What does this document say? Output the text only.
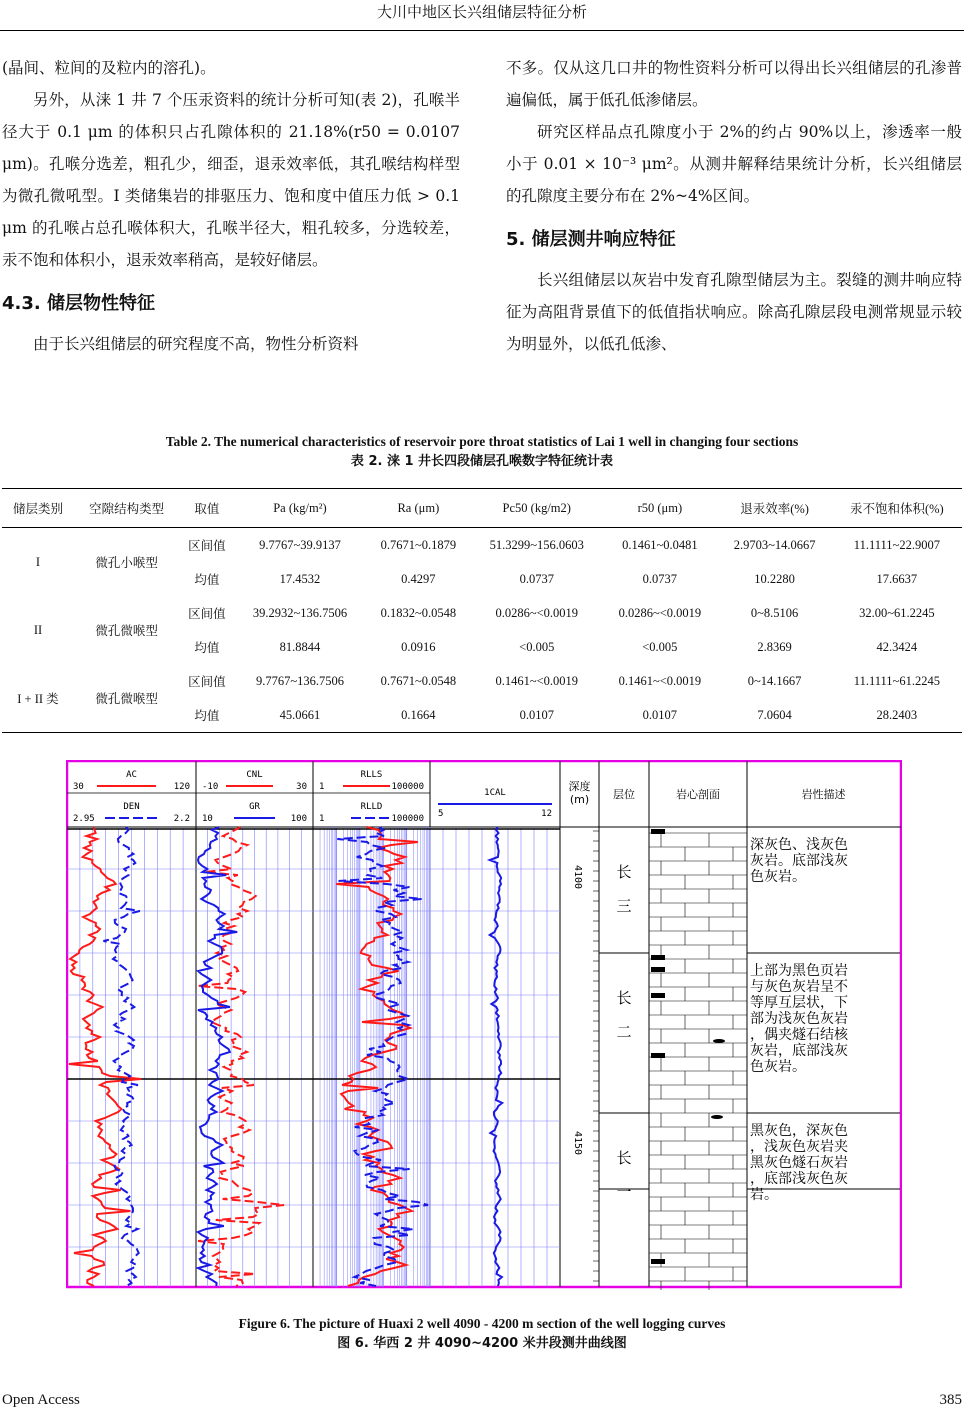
大川中地区长兴组储层特征分析

(晶间、粒间的及粒内的溶孔)。

另外，从涞 1 井 7 个压汞资料的统计分析可知(表 2)，孔喉半径大于 0.1 μm 的体积只占孔隙体积的 21.18%(r50 = 0.0107 μm)。孔喉分选差，粗孔少，细歪，退汞效率低，其孔喉结构样型为微孔微吼型。I 类储集岩的排驱压力、饱和度中值压力低 > 0.1 μm 的孔喉占总孔喉体积大，孔喉半径大，粗孔较多，分选较差，汞不饱和体积小，退汞效率稍高，是较好储层。

4.3. 储层物性特征

由于长兴组储层的研究程度不高，物性分析资料

不多。仅从这几口井的物性资料分析可以得出长兴组储层的孔渗普遍偏低，属于低孔低渗储层。

研究区样品点孔隙度小于 2%的约占 90%以上，渗透率一般小于 0.01 × 10⁻³ μm²。从测井解释结果统计分析，长兴组储层的孔隙度主要分布在 2%~4%区间。

5. 储层测井响应特征

长兴组储层以灰岩中发育孔隙型储层为主。裂缝的测井响应特征为高阻背景值下的低值指状响应。除高孔隙层段电测常规显示较为明显外，以低孔低渗、

Table 2. The numerical characteristics of reservoir pore throat statistics of Lai 1 well in changing four sections
表 2. 涞 1 井长四段储层孔喉数字特征统计表
储层类别	空隙结构类型	取值	Pa (kg/m²)	Ra (μm)	Pc50 (kg/m2)	r50 (μm)	退汞效率(%)	汞不饱和体积(%)
I	微孔小喉型	区间值	9.7767~39.9137	0.7671~0.1879	51.3299~156.0603	0.1461~0.0481	2.9703~14.0667	11.1111~22.9007
		均值	17.4532	0.4297	0.0737	0.0737	10.2280	17.6637
II	微孔微喉型	区间值	39.2932~136.7506	0.1832~0.0548	0.0286~<0.0019	0.0286~<0.0019	0~8.5106	32.00~61.2245
		均值	81.8844	0.0916	<0.005	<0.005	2.8369	42.3424
I + II 类	微孔微喉型	区间值	9.7767~136.7506	0.7671~0.0548	0.1461~<0.0019	0.1461~<0.0019	0~14.1667	11.1111~61.2245
		均值	45.0661	0.1664	0.0107	0.0107	7.0604	28.2403
AC
30	120
DEN
2.95	2.2
CNL
-10	30
GR
10	100
RLLS
1	100000
RLLD
1	100000
1CAL
5	12
深度
(m) 层位	岩心剖面	岩性描述
4100
4150
长
三
深灰色、浅灰色
灰岩。底部浅灰
色灰岩。
长
二
上部为黑色页岩
与灰色灰岩呈不
等厚互层状，下
部为浅灰色灰岩
，偶夹燧石结核
灰岩，底部浅灰
色灰岩。
长
一
黑灰色，深灰色
，浅灰色灰岩夹
黑灰色燧石灰岩
，底部浅灰色灰
岩。
Figure 6. The picture of Huaxi 2 well 4090 - 4200 m section of the well logging curves
图 6. 华西 2 井 4090~4200 米井段测井曲线图
Open Access	385
